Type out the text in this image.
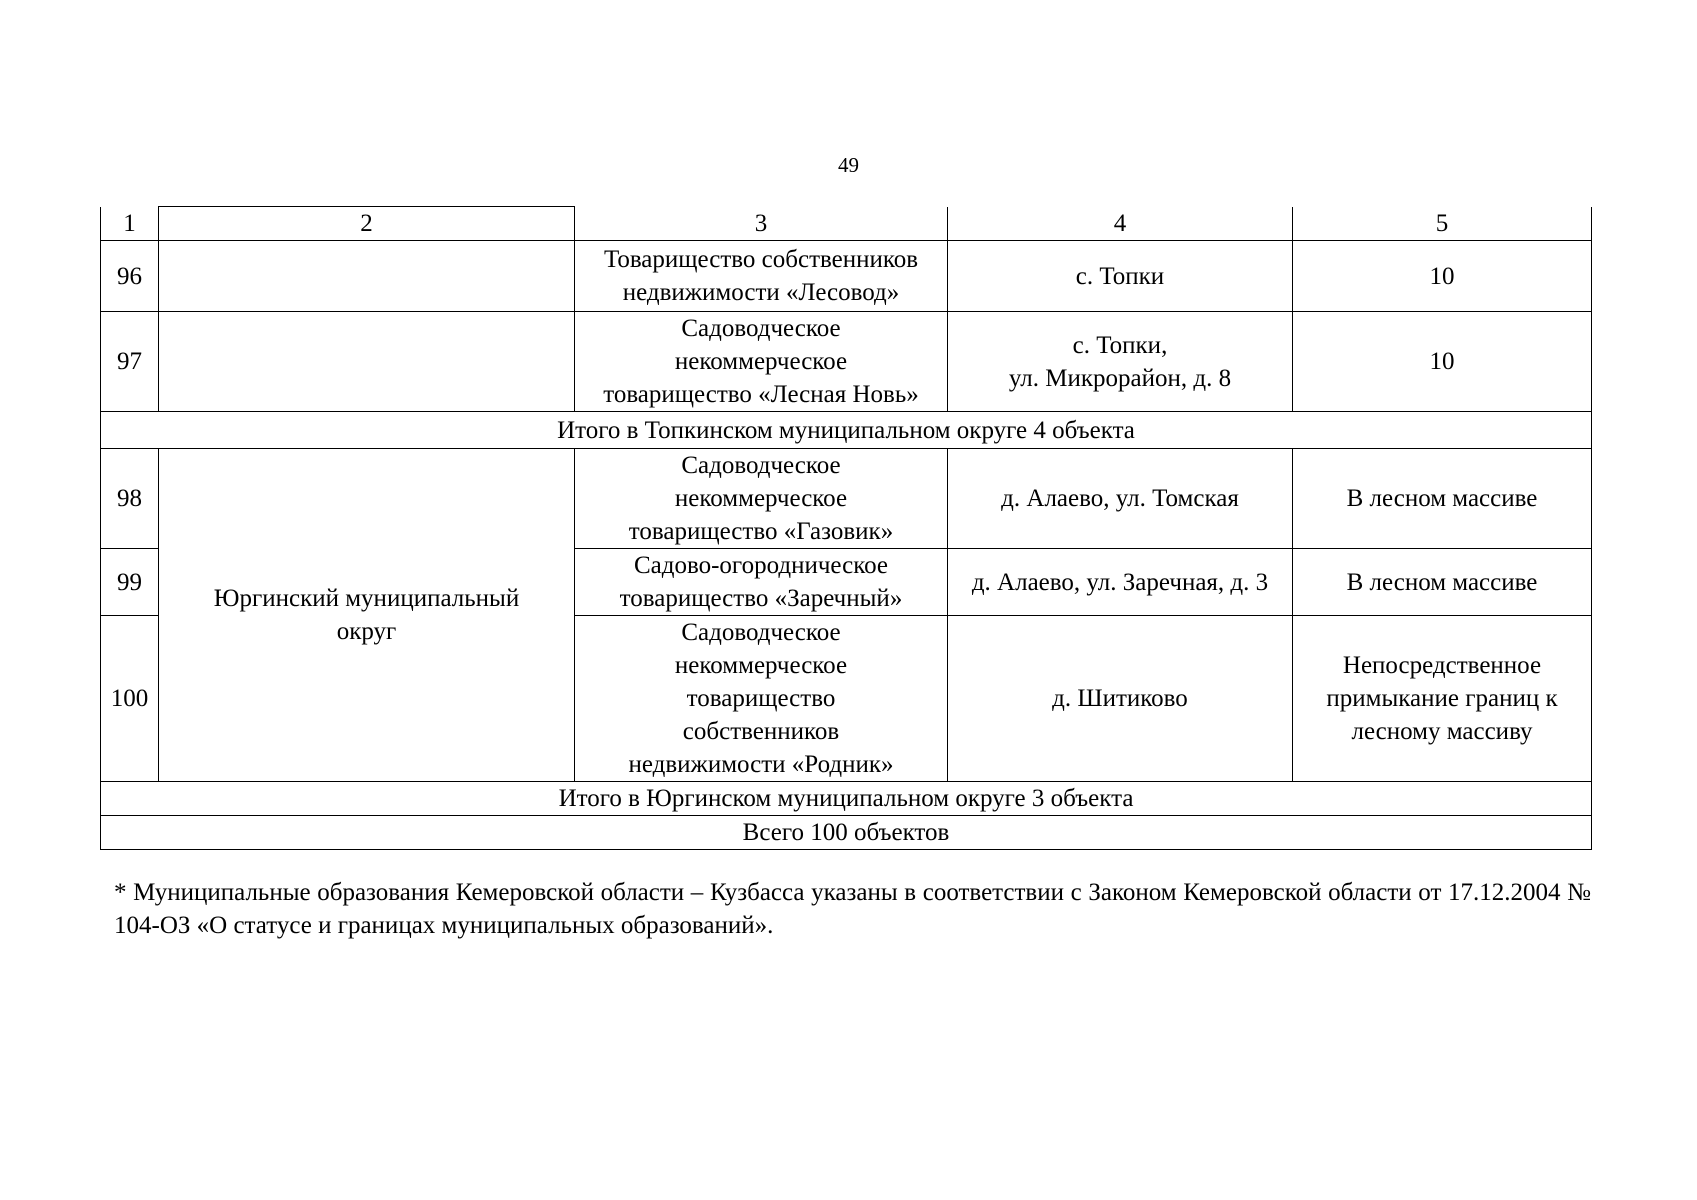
49
1	2	3	4	5
96		Товарищество собственников
недвижимости «Лесовод»	с. Топки	10
97		Садоводческое
некоммерческое
товарищество «Лесная Новь»	с. Топки,
ул. Микрорайон, д. 8	10
Итого в Топкинском муниципальном округе 4 объекта				
98	Юргинский муниципальный
округ	Садоводческое
некоммерческое
товарищество «Газовик»	д. Алаево, ул. Томская	В лесном массиве
99		Садово-огородническое
товарищество «Заречный»	д. Алаево, ул. Заречная, д. 3	В лесном массиве
100		Садоводческое
некоммерческое
товарищество
собственников
недвижимости «Родник»	д. Шитиково	Непосредственное
примыкание границ к
лесному массиву
Итого в Юргинском муниципальном округе 3 объекта				
Всего 100 объектов				
* Муниципальные образования Кемеровской области – Кузбасса указаны в соответствии с Законом Кемеровской области от 17.12.2004 № 104-ОЗ «О статусе и границах муниципальных образований».
